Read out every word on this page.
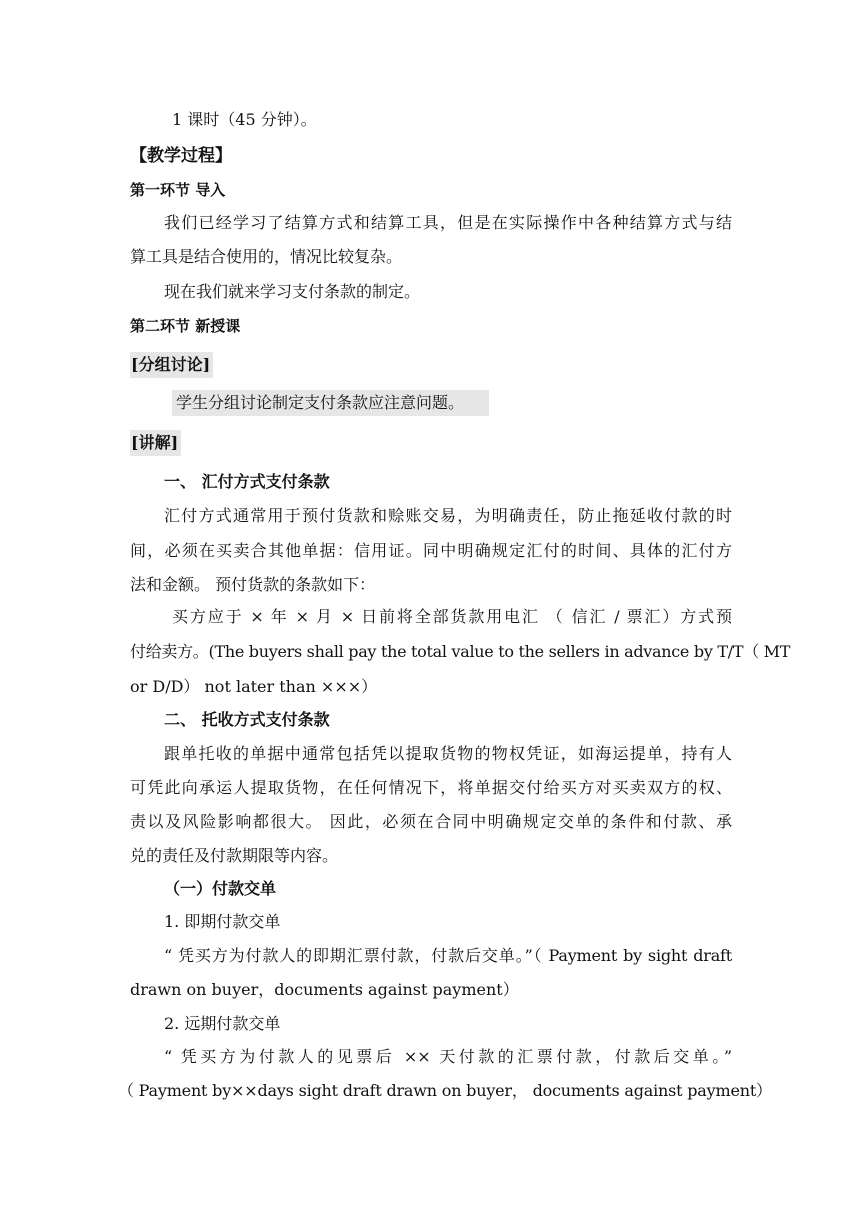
1 课时（45 分钟）。
【教学过程】
第一环节 导入
我们已经学习了结算方式和结算工具，但是在实际操作中各种结算方式与结
算工具是结合使用的，情况比较复杂。
现在我们就来学习支付条款的制定。
第二环节 新授课
[分组讨论]
学生分组讨论制定支付条款应注意问题。
[讲解]
一、 汇付方式支付条款
汇付方式通常用于预付货款和赊账交易，为明确责任，防止拖延收付款的时
间，必须在买卖合其他单据：信用证。同中明确规定汇付的时间、具体的汇付方
法和金额。 预付货款的条款如下：
买方应于 × 年 × 月 × 日前将全部货款用电汇 （ 信汇 / 票汇）方式预
付给卖方。(The buyers shall pay the total value to the sellers in advance by T/T（ MT
or D/D） not later than ×××）
二、 托收方式支付条款
跟单托收的单据中通常包括凭以提取货物的物权凭证，如海运提单，持有人
可凭此向承运人提取货物，在任何情况下，将单据交付给买方对买卖双方的权、
责以及风险影响都很大。 因此，必须在合同中明确规定交单的条件和付款、承
兑的责任及付款期限等内容。
（一）付款交单
1. 即期付款交单
“ 凭买方为付款人的即期汇票付款，付款后交单。”（ Payment by sight draft
drawn on buyer，documents against payment）
2. 远期付款交单
“ 凭买方为付款人的见票后 ×× 天付款的汇票付款，付款后交单。”
（ Payment by××days sight draft drawn on buyer， documents against payment）
